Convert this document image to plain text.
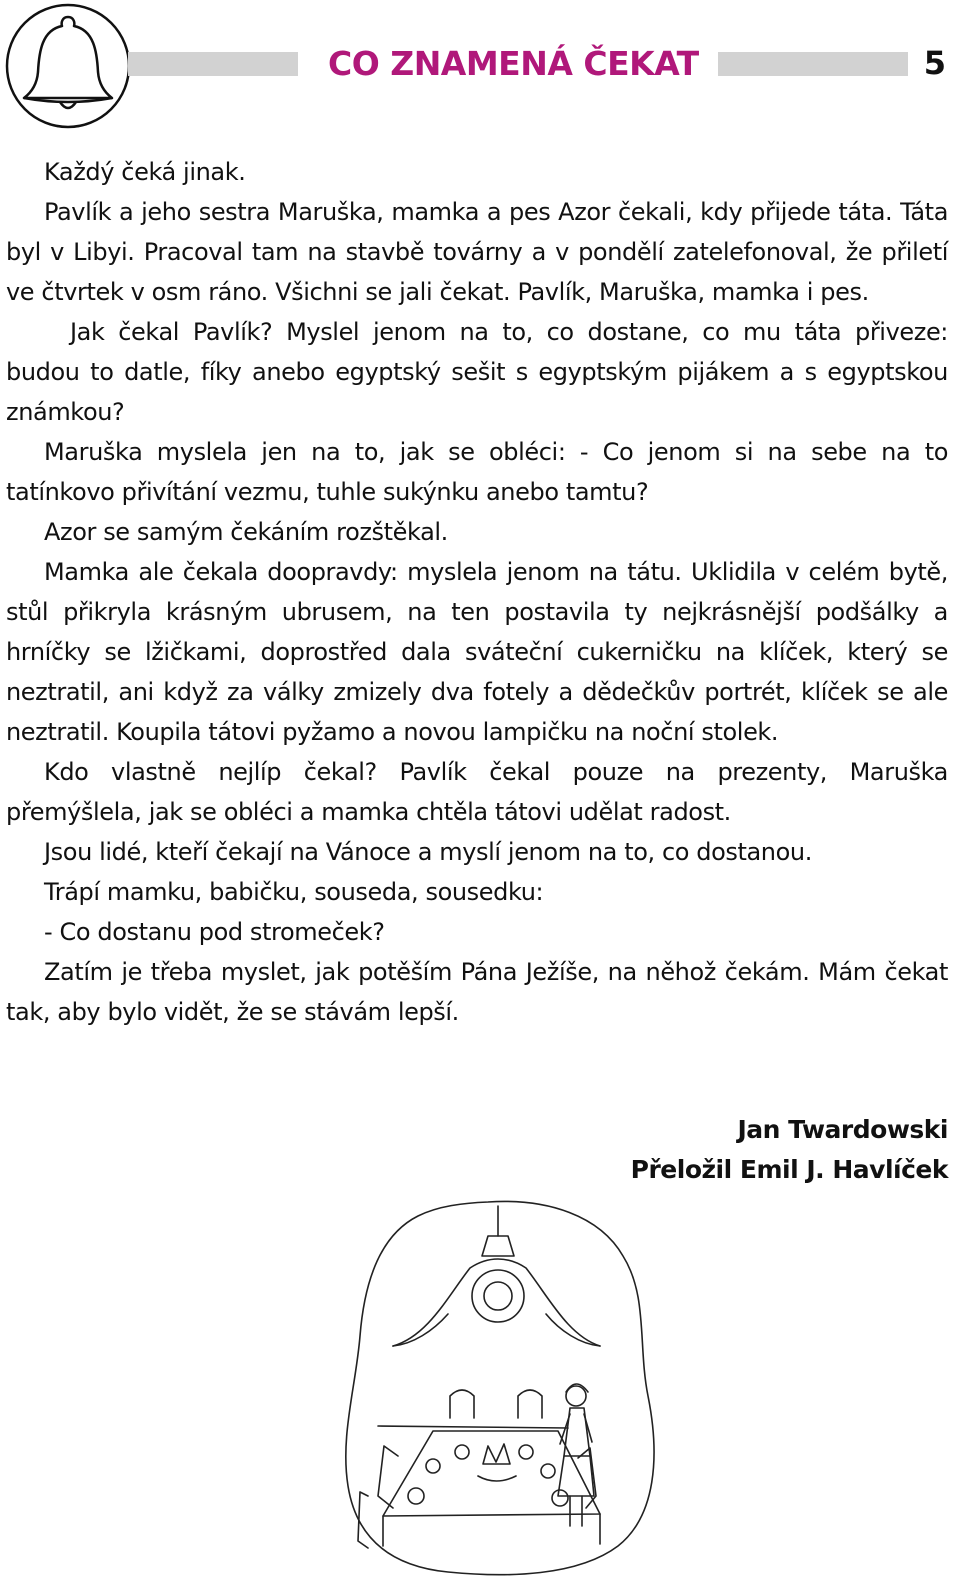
CO ZNAMENÁ ČEKAT	5

Každý čeká jinak.

Pavlík a jeho sestra Maruška, mamka a pes Azor čekali, kdy přijede táta. Táta byl v Libyi. Pracoval tam na stavbě továrny a v pondělí zatelefonoval, že přiletí ve čtvrtek v osm ráno. Všichni se jali čekat. Pavlík, Maruška, mamka i pes.

Jak čekal Pavlík? Myslel jenom na to, co dostane, co mu táta přiveze: budou to datle, fíky anebo egyptský sešit s egyptským pijákem a s egyptskou známkou?

Maruška myslela jen na to, jak se obléci: - Co jenom si na sebe na to tatínkovo přivítání vezmu, tuhle sukýnku anebo tamtu?

Azor se samým čekáním rozštěkal.

Mamka ale čekala doopravdy: myslela jenom na tátu. Uklidila v celém bytě, stůl přikryla krásným ubrusem, na ten postavila ty nejkrásnější podšálky a hrníčky se lžičkami, doprostřed dala sváteční cukerničku na klíček, který se neztratil, ani když za války zmizely dva fotely a dědečkův portrét, klíček se ale neztratil. Koupila tátovi pyžamo a novou lampičku na noční stolek.

Kdo vlastně nejlíp čekal? Pavlík čekal pouze na prezenty, Maruška přemýšlela, jak se obléci a mamka chtěla tátovi udělat radost.

Jsou lidé, kteří čekají na Vánoce a myslí jenom na to, co dostanou.

Trápí mamku, babičku, souseda, sousedku:

- Co dostanu pod stromeček?

Zatím je třeba myslet, jak potěším Pána Ježíše, na něhož čekám. Mám čekat tak, aby bylo vidět, že se stávám lepší.

Jan Twardowski
Přeložil Emil J. Havlíček
